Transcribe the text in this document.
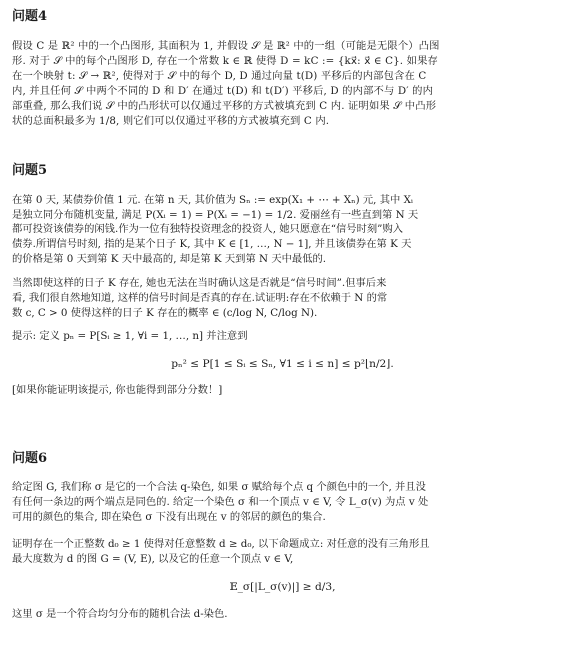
问题4
假设 C 是 ℝ² 中的一个凸图形, 其面积为 1, 并假设 𝒮 是 ℝ² 中的一组（可能是无限个）凸图
形. 对于 𝒮 中的每个凸图形 D, 存在一个常数 k ∈ ℝ 使得 D = kC := {kx⃗: x⃗ ∈ C}. 如果存
在一个映射 t: 𝒮 → ℝ², 使得对于 𝒮 中的每个 D, D 通过向量 t(D) 平移后的内部包含在 C
内, 并且任何 𝒮 中两个不同的 D 和 D′ 在通过 t(D) 和 t(D′) 平移后, D 的内部不与 D′ 的内
部重叠, 那么我们说 𝒮 中的凸形状可以仅通过平移的方式被填充到 C 内. 证明如果 𝒮 中凸形
状的总面积最多为 1/8, 则它们可以仅通过平移的方式被填充到 C 内.
问题5
在第 0 天, 某债券价值 1 元. 在第 n 天, 其价值为 Sₙ := exp(X₁ + ⋯ + Xₙ) 元, 其中 Xᵢ
是独立同分布随机变量, 满足 P(Xᵢ = 1) = P(Xᵢ = −1) = 1/2. 爱丽丝有一些直到第 N 天
都可投资该债券的闲钱.作为一位有独特投资理念的投资人, 她只愿意在“信号时刻”购入
债券.所谓信号时刻, 指的是某个日子 K, 其中 K ∈ [1, …, N − 1], 并且该债券在第 K 天
的价格是第 0 天到第 K 天中最高的, 却是第 K 天到第 N 天中最低的.
当然即使这样的日子 K 存在, 她也无法在当时确认这是否就是“信号时间”.但事后来
看, 我们很自然地知道, 这样的信号时间是否真的存在.试证明:存在不依赖于 N 的常
数 c, C > 0 使得这样的日子 K 存在的概率 ∈ (c/log N, C/log N).
提示: 定义 pₙ = P[Sᵢ ≥ 1, ∀i = 1, …, n] 并注意到
pₙ² ≤ P[1 ≤ Sᵢ ≤ Sₙ, ∀1 ≤ i ≤ n] ≤ p²⌊n/2⌋.
[如果你能证明该提示, 你也能得到部分分数！]
问题6
给定图 G, 我们称 σ 是它的一个合法 q-染色, 如果 σ 赋给每个点 q 个颜色中的一个, 并且没
有任何一条边的两个端点是同色的. 给定一个染色 σ 和一个顶点 v ∈ V, 令 L_σ(v) 为点 v 处
可用的颜色的集合, 即在染色 σ 下没有出现在 v 的邻居的颜色的集合.
证明存在一个正整数 d₀ ≥ 1 使得对任意整数 d ≥ d₀, 以下命题成立: 对任意的没有三角形且
最大度数为 d 的图 G = (V, E), 以及它的任意一个顶点 v ∈ V,
𝔼_σ[|L_σ(v)|] ≥ d/3,
这里 σ 是一个符合均匀分布的随机合法 d-染色.
